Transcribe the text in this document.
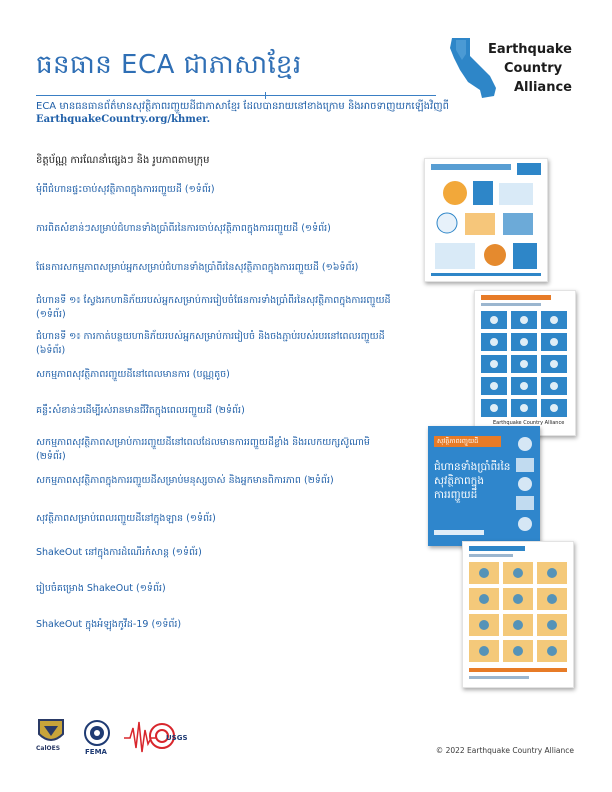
ធនធាន ECA ជាភាសាខ្មែរ
Earthquake
Country
Alliance
ECA មានធនធានព័ត៌មានសុវត្ថិភាពរញ្ជួយដីជាភាសាខ្មែរ ដែលបានរាយនៅខាងក្រោម និងអាចទាញយកឡើងវិញពី EarthquakeCountry.org/khmer.
ខិត្តប័ណ្ណ ការណែនាំផ្សេងៗ និង រូបភាពតាមក្រុម
មុំពីជំហានផ្ទះចាប់សុវត្ថិភាពក្នុងការរញ្ជួយដី (១ទំព័រ)
ការពិតសំខាន់ៗសម្រាប់ជំហានទាំងប្រាំពីរនៃការចាប់សុវត្ថិភាពក្នុងការរញ្ជួយដី (១ទំព័រ)
ផែនការសកម្មភាពសម្រាប់អ្នកសម្រាប់ជំហានទាំងប្រាំពីរនៃសុវត្ថិភាពក្នុងការរញ្ជួយដី (១៦ទំព័រ)
ជំហានទី ១៖ ស្វែងរកហានិភ័យរបស់អ្នកសម្រាប់ការរៀបចំផែនការទាំងប្រាំពីរនៃសុវត្ថិភាពក្នុងការរញ្ជួយដី (១ទំព័រ)
ជំហានទី ១៖ ការកាត់បន្ថយហានិភ័យរបស់អ្នកសម្រាប់ការរៀបចំ និងចងភ្ជាប់របស់របរនៅពេលរញ្ជួយដី (៦ទំព័រ)
សកម្មភាពសុវត្ថិភាពរញ្ជួយដីនៅពេលមានការ (បណ្ណតូច)
គន្លឹះសំខាន់ៗដើម្បីរស់រានមានជីវិតក្នុងពេលរញ្ជួយដី (២ទំព័រ)
សកម្មភាពសុវត្ថិភាពសម្រាប់ការរញ្ជួយដីនៅពេលដែលមានការរញ្ជួយដីខ្លាំង និងរលកយក្សស៊ូណាមិ (២ទំព័រ)
សកម្មភាពសុវត្ថិភាពក្នុងការរញ្ជួយដីសម្រាប់មនុស្សចាស់ និងអ្នកមានពិការភាព (២ទំព័រ)
សុវត្ថិភាពសម្រាប់ពេលរញ្ជួយដីនៅក្នុងឡាន (១ទំព័រ)
ShakeOut នៅក្នុងការដំណើរកំសាន្ត (១ទំព័រ)
រៀបចំគម្រោង ShakeOut (១ទំព័រ)
ShakeOut ក្នុងអំឡុងកូវីដ-19 (១ទំព័រ)
Earthquake Country Alliance
សុវត្ថិភាពរញ្ជួយដី
ជំហានទាំងប្រាំពីរនៃ
សុវត្ថិភាពក្នុង
ការរញ្ជួយដី
CalOES	FEMA
USGS
© 2022 Earthquake Country Alliance
